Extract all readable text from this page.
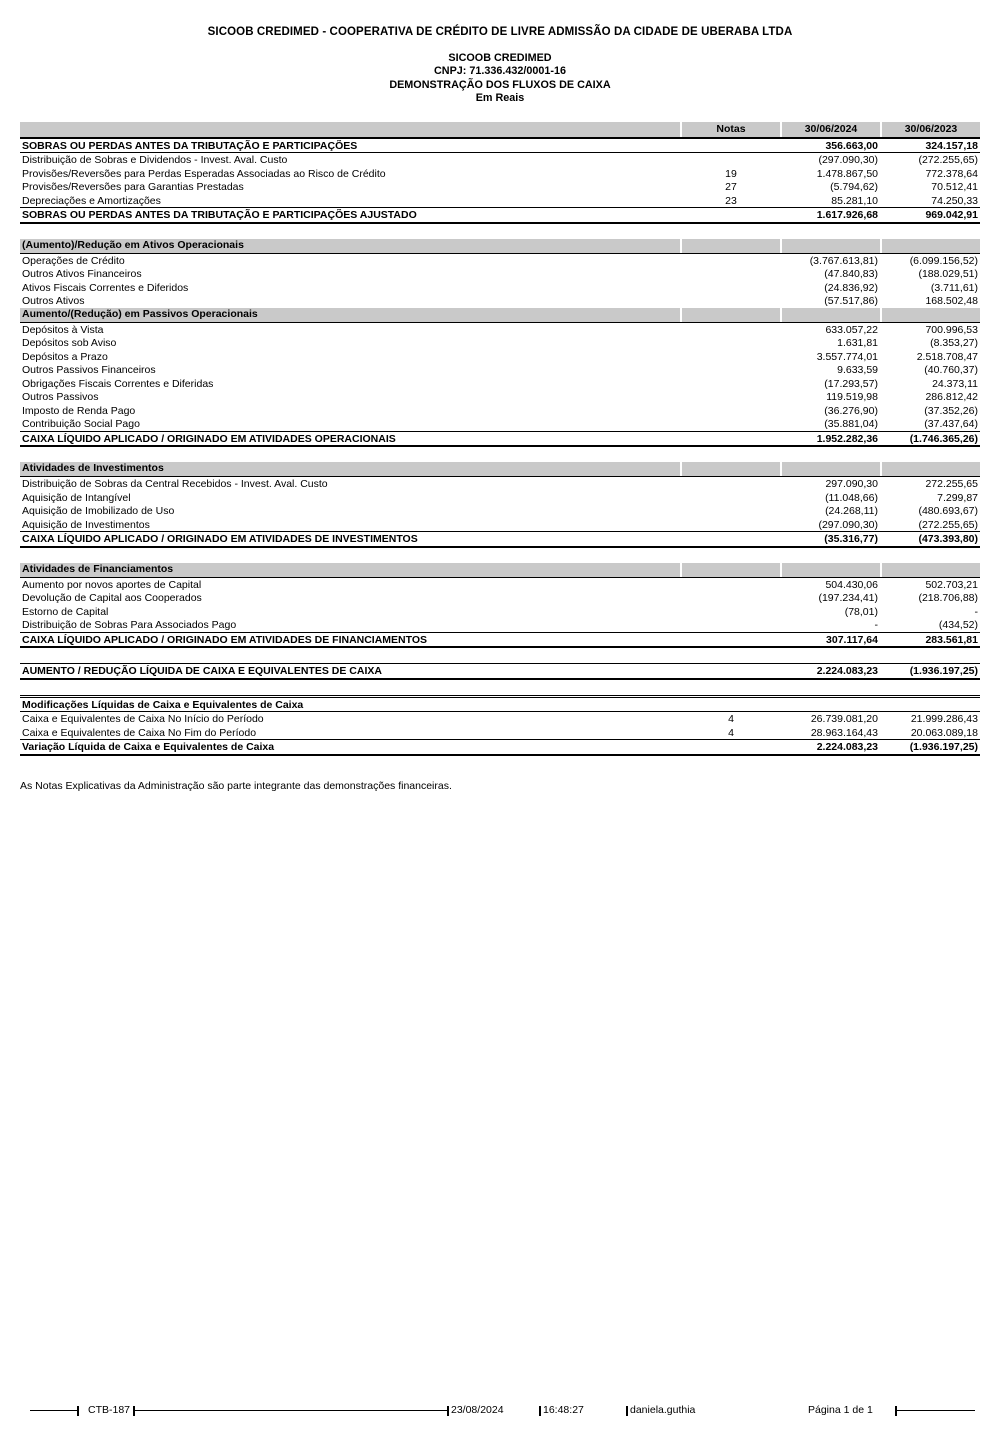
SICOOB CREDIMED - COOPERATIVA DE CRÉDITO DE LIVRE ADMISSÃO DA CIDADE DE UBERABA LTDA
SICOOB CREDIMED
CNPJ: 71.336.432/0001-16
DEMONSTRAÇÃO DOS FLUXOS DE CAIXA
Em Reais
Notas	30/06/2024	30/06/2023
SOBRAS OU PERDAS ANTES DA TRIBUTAÇÃO E PARTICIPAÇÕES	356.663,00	324.157,18
Distribuição de Sobras e Dividendos - Invest. Aval. Custo	(297.090,30)	(272.255,65)
Provisões/Reversões para Perdas Esperadas Associadas ao Risco de Crédito	19	1.478.867,50	772.378,64
Provisões/Reversões para Garantias Prestadas	27	(5.794,62)	70.512,41
Depreciações e Amortizações	23	85.281,10	74.250,33
SOBRAS OU PERDAS ANTES DA TRIBUTAÇÃO E PARTICIPAÇÕES AJUSTADO	1.617.926,68	969.042,91
(Aumento)/Redução em Ativos Operacionais
Operações de Crédito	(3.767.613,81)	(6.099.156,52)
Outros Ativos Financeiros	(47.840,83)	(188.029,51)
Ativos Fiscais Correntes e Diferidos	(24.836,92)	(3.711,61)
Outros Ativos	(57.517,86)	168.502,48
Aumento/(Redução) em Passivos Operacionais
Depósitos à Vista	633.057,22	700.996,53
Depósitos sob Aviso	1.631,81	(8.353,27)
Depósitos a Prazo	3.557.774,01	2.518.708,47
Outros Passivos Financeiros	9.633,59	(40.760,37)
Obrigações Fiscais Correntes e Diferidas	(17.293,57)	24.373,11
Outros Passivos	119.519,98	286.812,42
Imposto de Renda Pago	(36.276,90)	(37.352,26)
Contribuição Social Pago	(35.881,04)	(37.437,64)
CAIXA LÍQUIDO APLICADO / ORIGINADO EM ATIVIDADES OPERACIONAIS	1.952.282,36	(1.746.365,26)
Atividades de Investimentos
Distribuição de Sobras da Central Recebidos - Invest. Aval. Custo	297.090,30	272.255,65
Aquisição de Intangível	(11.048,66)	7.299,87
Aquisição de Imobilizado de Uso	(24.268,11)	(480.693,67)
Aquisição de Investimentos	(297.090,30)	(272.255,65)
CAIXA LÍQUIDO APLICADO / ORIGINADO EM ATIVIDADES DE INVESTIMENTOS	(35.316,77)	(473.393,80)
Atividades de Financiamentos
Aumento por novos aportes de Capital	504.430,06	502.703,21
Devolução de Capital aos Cooperados	(197.234,41)	(218.706,88)
Estorno de Capital	(78,01)	-
Distribuição de Sobras Para Associados Pago	-	(434,52)
CAIXA LÍQUIDO APLICADO / ORIGINADO EM ATIVIDADES DE FINANCIAMENTOS	307.117,64	283.561,81
AUMENTO / REDUÇÃO LÍQUIDA DE CAIXA E EQUIVALENTES DE CAIXA	2.224.083,23	(1.936.197,25)
Modificações Líquidas de Caixa e Equivalentes de Caixa
Caixa e Equivalentes de Caixa No Início do Período	4	26.739.081,20	21.999.286,43
Caixa e Equivalentes de Caixa No Fim do Período	4	28.963.164,43	20.063.089,18
Variação Líquida de Caixa e Equivalentes de Caixa	2.224.083,23	(1.936.197,25)
As Notas Explicativas da Administração são parte integrante das demonstrações financeiras.
CTB-187	23/08/2024	16:48:27	daniela.guthia	Página 1 de 1
